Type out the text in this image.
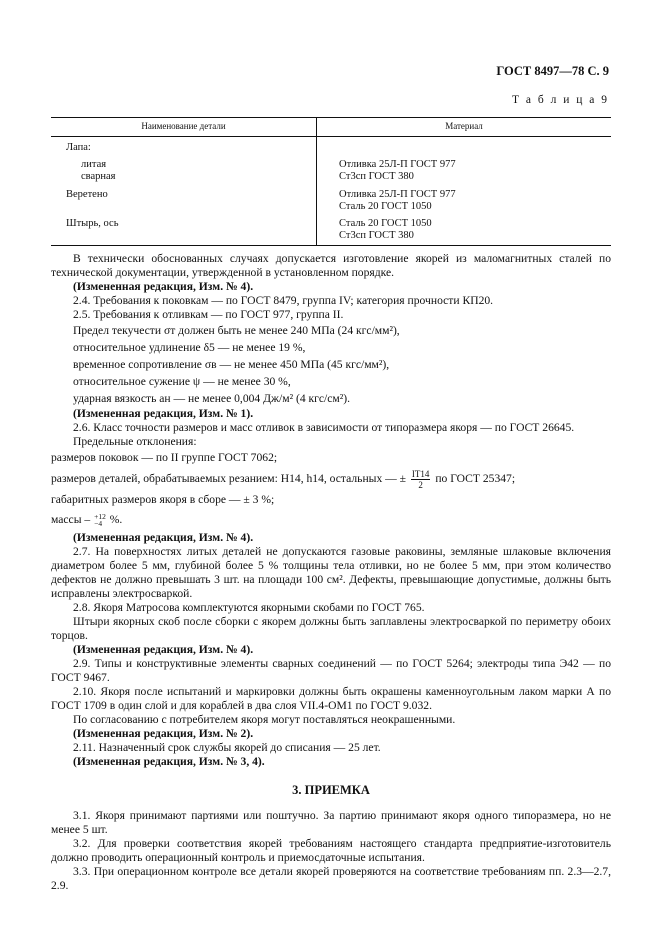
ГОСТ 8497—78 С. 9
Т а б л и ц а 9
Наименование детали	Материал
Лапа:
литая	Отливка 25Л-П ГОСТ 977
сварная	Ст3сп ГОСТ 380
Веретено	Отливка 25Л-П ГОСТ 977
Сталь 20 ГОСТ 1050
Штырь, ось	Сталь 20 ГОСТ 1050
Ст3сп ГОСТ 380

В технически обоснованных случаях допускается изготовление якорей из маломагнитных сталей по технической документации, утвержденной в установленном порядке.

(Измененная редакция, Изм. № 4).

2.4. Требования к поковкам — по ГОСТ 8479, группа IV; категория прочности КП20.

2.5. Требования к отливкам — по ГОСТ 977, группа II.

Предел текучести σт должен быть не менее 240 МПа (24 кгс/мм²),

относительное удлинение δ5 — не менее 19 %,

временное сопротивление σв — не менее 450 МПа (45 кгс/мм²),

относительное сужение ψ — не менее 30 %,

ударная вязкость aн — не менее 0,004 Дж/м² (4 кгс/см²).

(Измененная редакция, Изм. № 1).

2.6. Класс точности размеров и масс отливок в зависимости от типоразмера якоря — по ГОСТ 26645.

Предельные отклонения:

размеров поковок — по II группе ГОСТ 7062;

размеров деталей, обрабатываемых резанием: H14, h14, остальных — ± $\frac{IT14}{2}$ по ГОСТ 25347;

габаритных размеров якоря в сборе — ± 3 %;

массы – +12
−4 %.

(Измененная редакция, Изм. № 4).

2.7. На поверхностях литых деталей не допускаются газовые раковины, земляные шлаковые включения диаметром более 5 мм, глубиной более 5 % толщины тела отливки, но не более 5 мм, при этом количество дефектов не должно превышать 3 шт. на площади 100 см². Дефекты, превышающие допустимые, должны быть исправлены электросваркой.

2.8. Якоря Матросова комплектуются якорными скобами по ГОСТ 765.

Штыри якорных скоб после сборки с якорем должны быть заплавлены электросваркой по периметру обоих торцов.

(Измененная редакция, Изм. № 4).

2.9. Типы и конструктивные элементы сварных соединений — по ГОСТ 5264; электроды типа Э42 — по ГОСТ 9467.

2.10. Якоря после испытаний и маркировки должны быть окрашены каменноугольным лаком марки А по ГОСТ 1709 в один слой и для кораблей в два слоя VII.4-ОМ1 по ГОСТ 9.032.

По согласованию с потребителем якоря могут поставляться неокрашенными.

(Измененная редакция, Изм. № 2).

2.11. Назначенный срок службы якорей до списания — 25 лет.

(Измененная редакция, Изм. № 3, 4).

3. ПРИЕМКА

3.1. Якоря принимают партиями или поштучно. За партию принимают якоря одного типоразмера, но не менее 5 шт.

3.2. Для проверки соответствия якорей требованиям настоящего стандарта предприятие-изготовитель должно проводить операционный контроль и приемосдаточные испытания.

3.3. При операционном контроле все детали якорей проверяются на соответствие требованиям пп. 2.3—2.7, 2.9.
